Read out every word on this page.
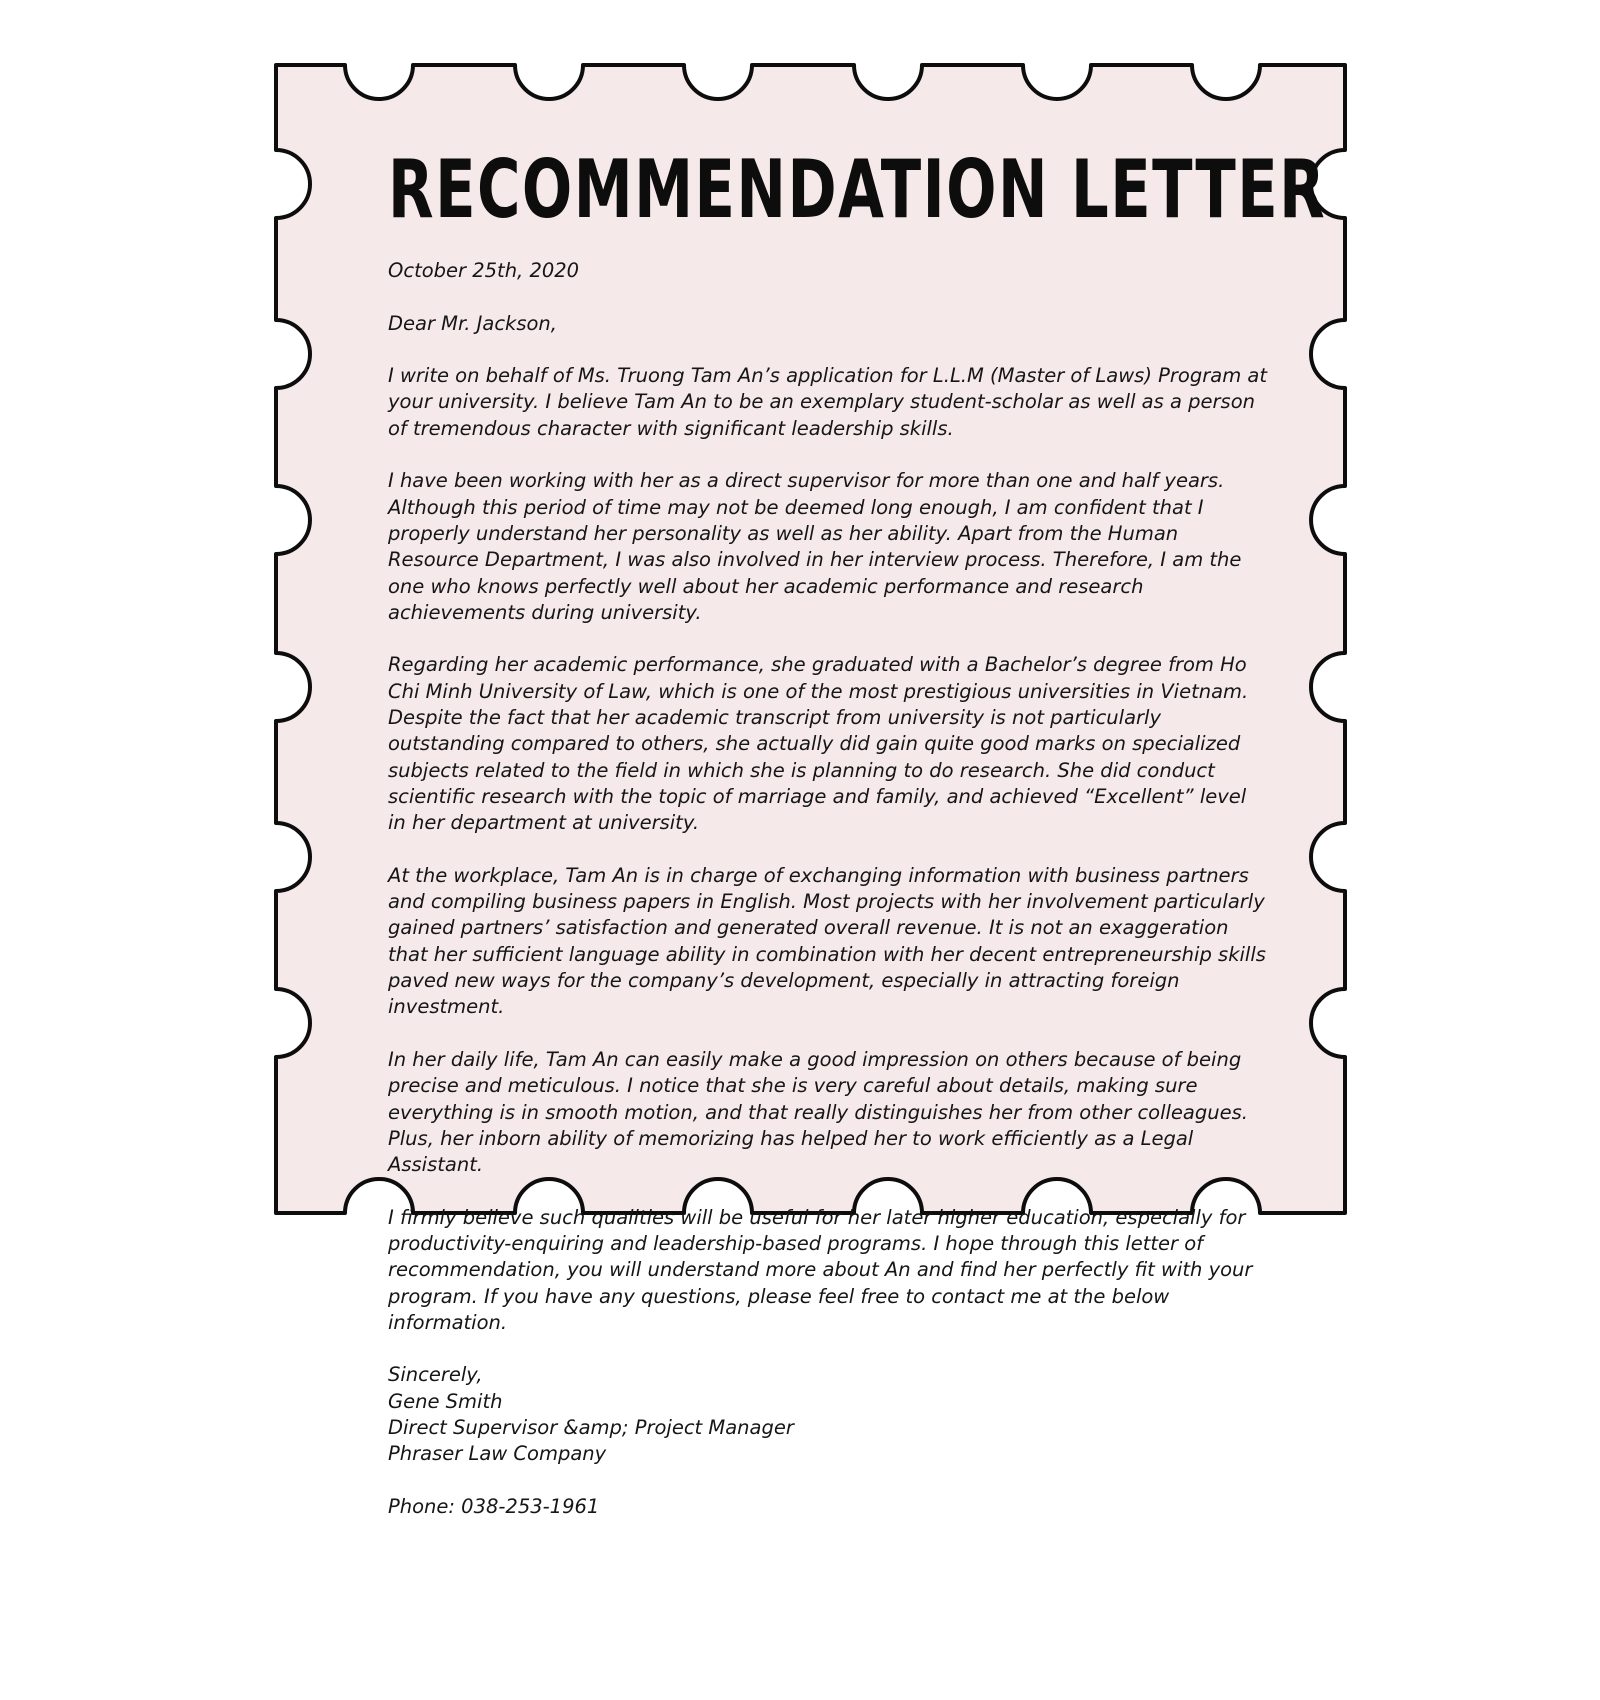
RECOMMENDATION LETTER

October 25th, 2020

Dear Mr. Jackson,

I write on behalf of Ms. Truong Tam An’s application for L.L.M (Master of Laws) Program at your university. I believe Tam An to be an exemplary student-scholar as well as a person of tremendous character with significant leadership skills.

I have been working with her as a direct supervisor for more than one and half years. Although this period of time may not be deemed long enough, I am confident that I properly understand her personality as well as her ability. Apart from the Human Resource Department, I was also involved in her interview process. Therefore, I am the one who knows perfectly well about her academic performance and research achievements during university.

Regarding her academic performance, she graduated with a Bachelor’s degree from Ho Chi Minh University of Law, which is one of the most prestigious universities in Vietnam. Despite the fact that her academic transcript from university is not particularly outstanding compared to others, she actually did gain quite good marks on specialized subjects related to the field in which she is planning to do research. She did conduct scientific research with the topic of marriage and family, and achieved “Excellent” level in her department at university.

At the workplace, Tam An is in charge of exchanging information with business partners and compiling business papers in English. Most projects with her involvement particularly gained partners’ satisfaction and generated overall revenue. It is not an exaggeration that her sufficient language ability in combination with her decent entrepreneurship skills paved new ways for the company’s development, especially in attracting foreign investment.

In her daily life, Tam An can easily make a good impression on others because of being precise and meticulous. I notice that she is very careful about details, making sure everything is in smooth motion, and that really distinguishes her from other colleagues. Plus, her inborn ability of memorizing has helped her to work efficiently as a Legal Assistant.

I firmly believe such qualities will be useful for her later higher education, especially for productivity-enquiring and leadership-based programs. I hope through this letter of recommendation, you will understand more about An and find her perfectly fit with your program. If you have any questions, please feel free to contact me at the below information.

Sincerely,
Gene Smith
Direct Supervisor &amp; Project Manager
Phraser Law Company

Phone: 038-253-1961
